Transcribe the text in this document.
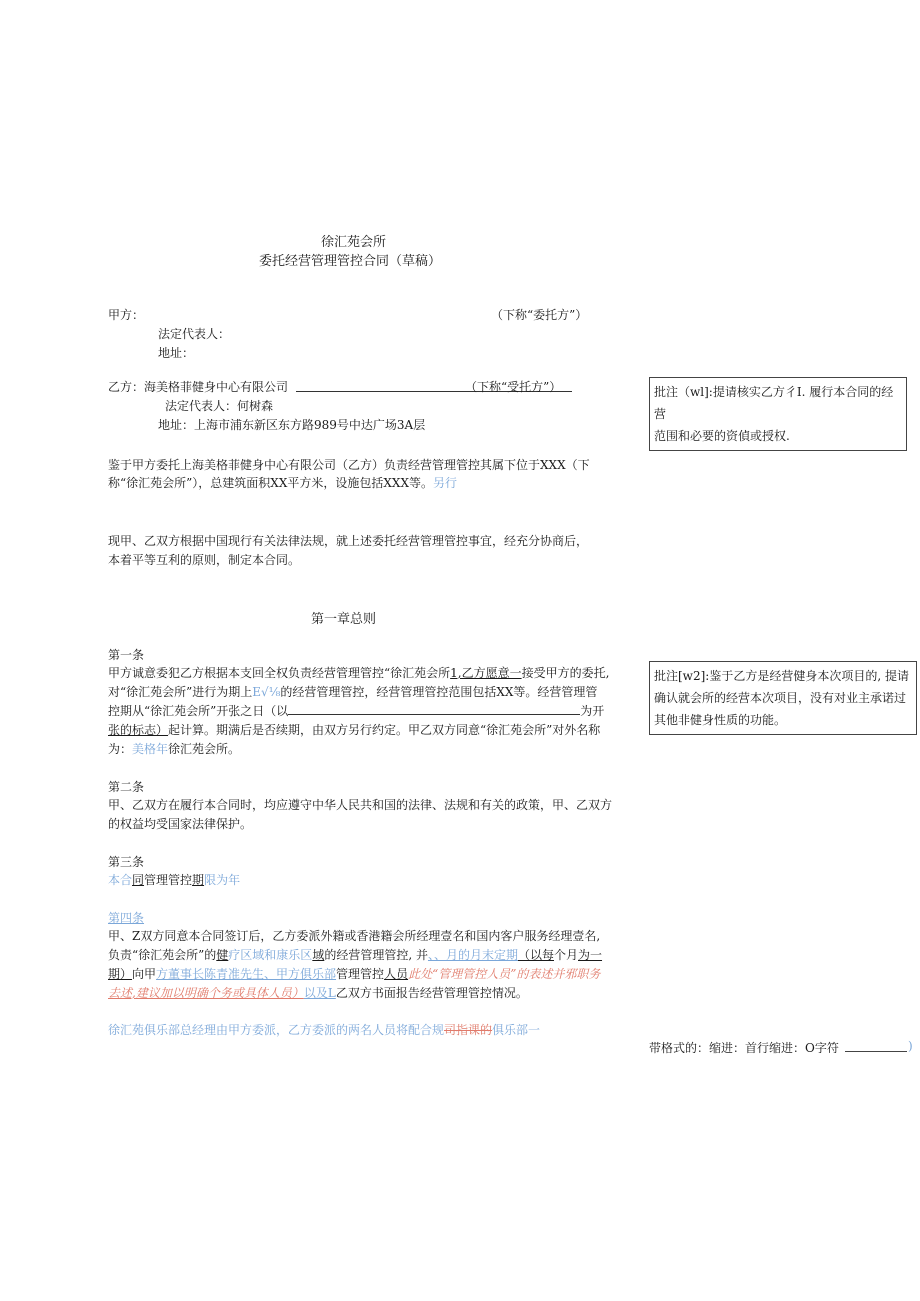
徐汇苑会所
委托经营管理管控合同（草稿）
甲方：	（下称“委托方”）
法定代表人：
地址：
乙方：海美格菲健身中心有限公司	（下称“受托方”）
法定代表人：何树森
地址：上海市浦东新区东方路989号中达广场3A层
鉴于甲方委托上海美格菲健身中心有限公司（乙方）负责经营管理管控其属下位于XXX（下
称“徐汇苑会所”），总建筑面积XX平方米，设施包括XXX等。另行
现甲、乙双方根据中国现行有关法律法规，就上述委托经营管理管控事宜，经充分协商后，
本着平等互利的原则，制定本合同。
第一章总则
第一条
甲方诚意委犯乙方根据本支回全权负责经营管理管控“徐汇苑会所1,乙方愿意一接受甲方的委托,
对“徐汇苑会所”进行为期上E√⅛的经营管理管控，经营管理管控范围包括XX等。经营管理管
控期从“徐汇苑会所”开张之日（以	为开
张的标志）起计算。期满后是否续期，由双方另行约定。甲乙双方同意“徐汇苑会所”对外名称
为：美格年徐汇苑会所。
第二条
甲、乙双方在履行本合同时，均应遵守中华人民共和国的法律、法规和有关的政策，甲、乙双方
的权益均受国家法律保护。
第三条
本合同管理管控期限为年
第四条
甲、Z双方同意本合同签订后，乙方委派外籍或香港籍会所经理壹名和国内客户服务经理壹名,
负责“徐汇苑会所”的健疗区域和康乐区域的经营管理管控, 并、、月的月末定期（以每个月为一
期）向甲方董事长陈青准先生、甲方俱乐部管理管控人员此处“管理管控人员”的表述并邪职务
去述,建议加以明确个务或具体人员）以及L乙双方书面报告经营管理管控情况。
徐汇苑俱乐部总经理由甲方委派，乙方委派的两名人员将配合规司指课的俱乐部一
批注（wl]:提请核实乙方彳I. 履行本合同的经营
范围和必要的资偵或授权.
批注[w2]:鉴于乙方是经营健身本次项目的, 提请
确认就会所的经营本次项目，没有对业主承诺过
其他非健身性质的功能。
带格式的：缩进：首行缩进：O字符	)
